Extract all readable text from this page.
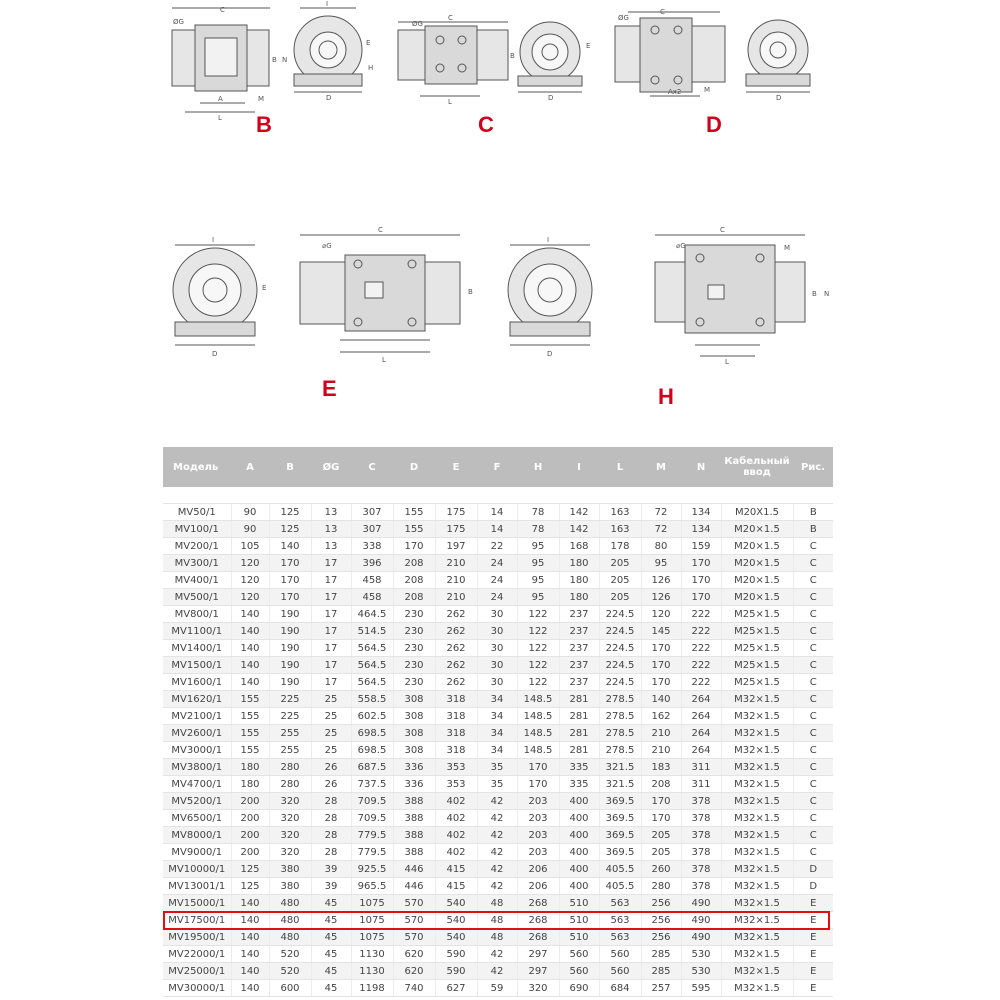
C
ØG
B
A
L
M
N
I
D
E
H
C
ØG
B
L	D
E
C
ØG
Ax2	M
D
I
D
E
C
⌀G
B
L
I
D
C
⌀G	M
B N
L
B	C	D
E	H
Модель	A	B	ØG	C	D	E	F	H	I	L	M	N	Кабельный ввод	Рис.

MV50/1	90	125	13	307	155	175	14	78	142	163	72	134	M20X1.5	B
MV100/1	90	125	13	307	155	175	14	78	142	163	72	134	M20×1.5	B
MV200/1	105	140	13	338	170	197	22	95	168	178	80	159	M20×1.5	C
MV300/1	120	170	17	396	208	210	24	95	180	205	95	170	M20×1.5	C
MV400/1	120	170	17	458	208	210	24	95	180	205	126	170	M20×1.5	C
MV500/1	120	170	17	458	208	210	24	95	180	205	126	170	M20×1.5	C
MV800/1	140	190	17	464.5	230	262	30	122	237	224.5	120	222	M25×1.5	C
MV1100/1	140	190	17	514.5	230	262	30	122	237	224.5	145	222	M25×1.5	C
MV1400/1	140	190	17	564.5	230	262	30	122	237	224.5	170	222	M25×1.5	C
MV1500/1	140	190	17	564.5	230	262	30	122	237	224.5	170	222	M25×1.5	C
MV1600/1	140	190	17	564.5	230	262	30	122	237	224.5	170	222	M25×1.5	C
MV1620/1	155	225	25	558.5	308	318	34	148.5	281	278.5	140	264	M32×1.5	C
MV2100/1	155	225	25	602.5	308	318	34	148.5	281	278.5	162	264	M32×1.5	C
MV2600/1	155	255	25	698.5	308	318	34	148.5	281	278.5	210	264	M32×1.5	C
MV3000/1	155	255	25	698.5	308	318	34	148.5	281	278.5	210	264	M32×1.5	C
MV3800/1	180	280	26	687.5	336	353	35	170	335	321.5	183	311	M32×1.5	C
MV4700/1	180	280	26	737.5	336	353	35	170	335	321.5	208	311	M32×1.5	C
MV5200/1	200	320	28	709.5	388	402	42	203	400	369.5	170	378	M32×1.5	C
MV6500/1	200	320	28	709.5	388	402	42	203	400	369.5	170	378	M32×1.5	C
MV8000/1	200	320	28	779.5	388	402	42	203	400	369.5	205	378	M32×1.5	C
MV9000/1	200	320	28	779.5	388	402	42	203	400	369.5	205	378	M32×1.5	C
MV10000/1	125	380	39	925.5	446	415	42	206	400	405.5	260	378	M32×1.5	D
MV13001/1	125	380	39	965.5	446	415	42	206	400	405.5	280	378	M32×1.5	D
MV15000/1	140	480	45	1075	570	540	48	268	510	563	256	490	M32×1.5	E
MV17500/1	140	480	45	1075	570	540	48	268	510	563	256	490	M32×1.5	E
MV19500/1	140	480	45	1075	570	540	48	268	510	563	256	490	M32×1.5	E
MV22000/1	140	520	45	1130	620	590	42	297	560	560	285	530	M32×1.5	E
MV25000/1	140	520	45	1130	620	590	42	297	560	560	285	530	M32×1.5	E
MV30000/1	140	600	45	1198	740	627	59	320	690	684	257	595	M32×1.5	E
